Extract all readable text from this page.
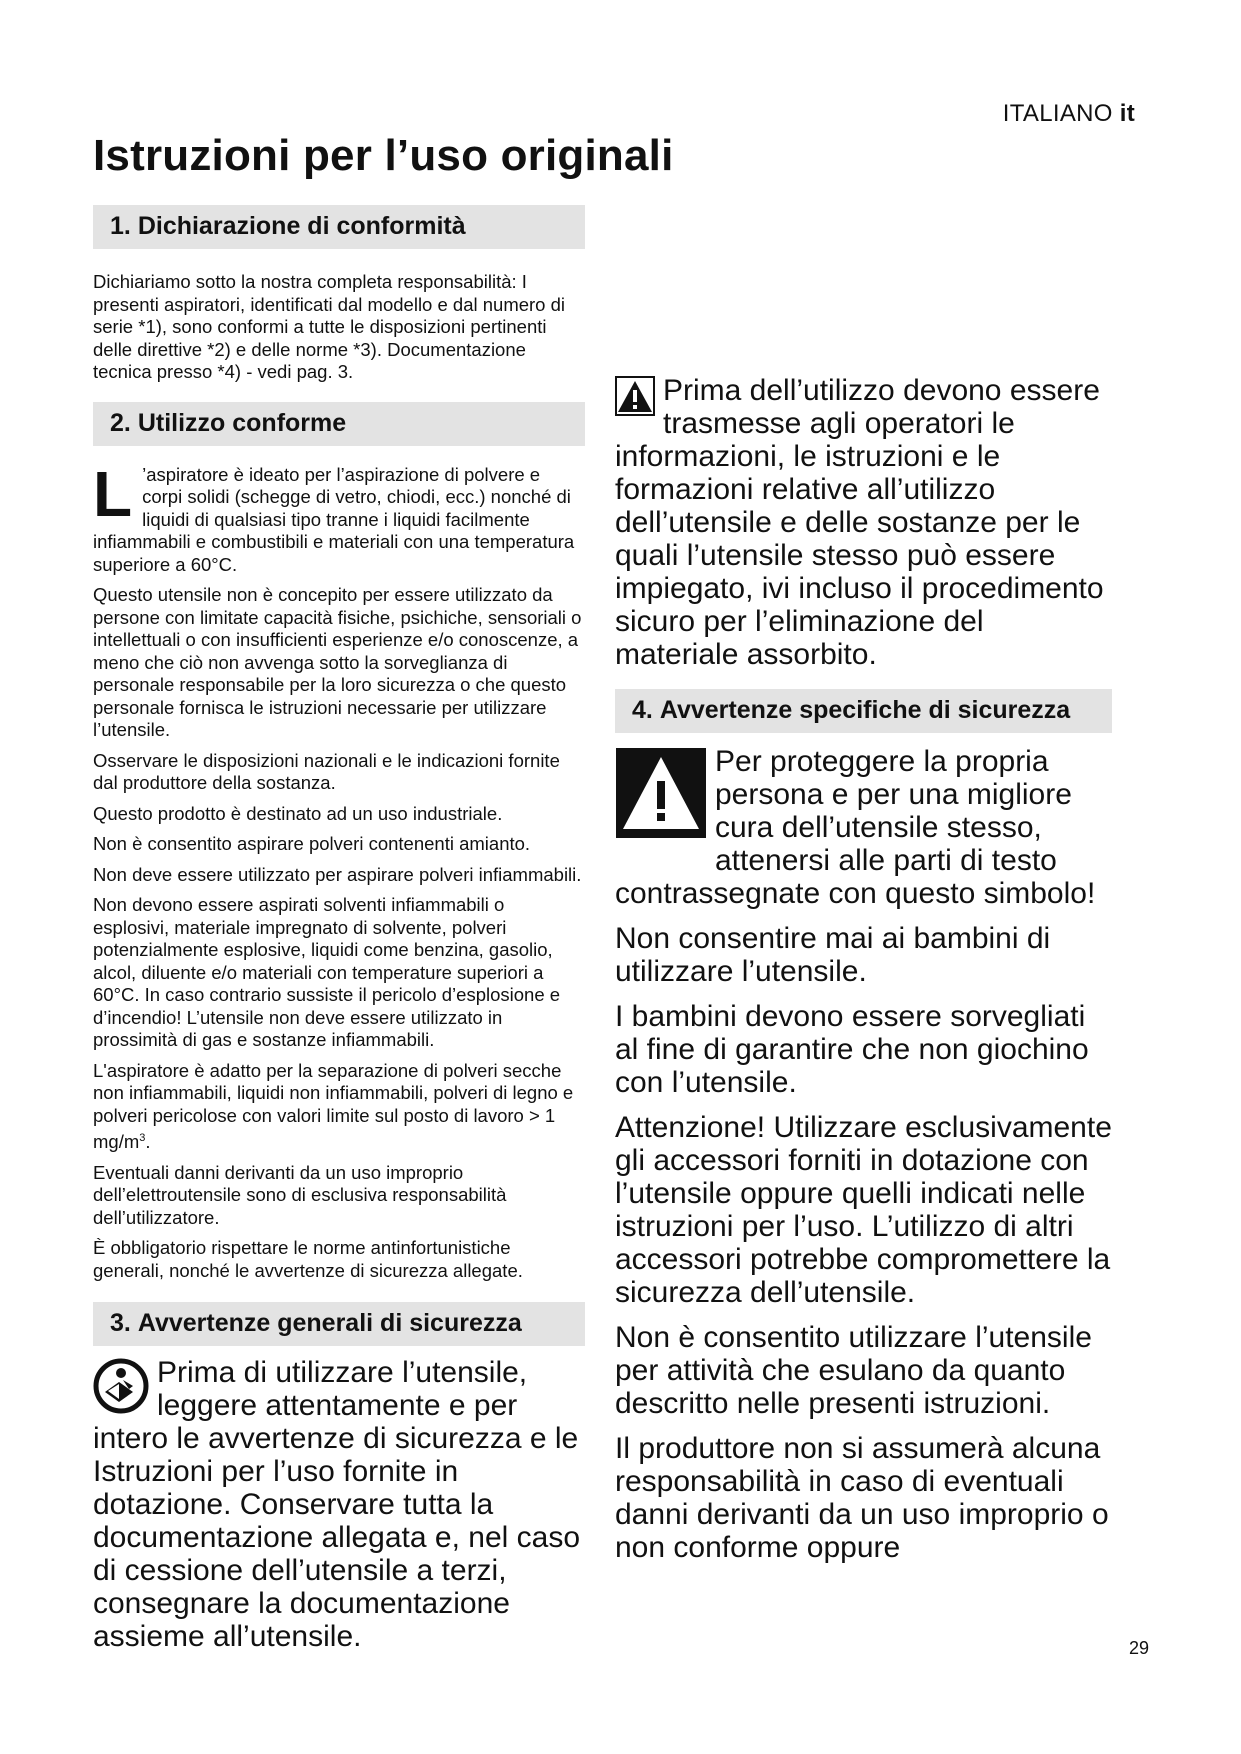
ITALIANO it
Istruzioni per l’uso originali
1.
Dichiarazione di conformità

Dichiariamo sotto la nostra completa responsabilità: I presenti aspiratori, identificati dal modello e dal numero di serie *1), sono conformi a tutte le disposizioni pertinenti delle direttive *2) e delle norme *3). Documentazione tecnica presso *4) - vedi pag. 3.

2.
Utilizzo conforme

L ’aspiratore è ideato per l’aspirazione di polvere e corpi solidi (schegge di vetro, chiodi, ecc.) nonché di liquidi di qualsiasi tipo tranne i liquidi facilmente infiammabili e combustibili e materiali con una temperatura superiore a 60°C.

Questo utensile non è concepito per essere utilizzato da persone con limitate capacità fisiche, psichiche, sensoriali o intellettuali o con insufficienti esperienze e/o conoscenze, a meno che ciò non avvenga sotto la sorveglianza di personale responsabile per la loro sicurezza o che questo personale fornisca le istruzioni necessarie per utilizzare l’utensile.

Osservare le disposizioni nazionali e le indicazioni fornite dal produttore della sostanza.

Questo prodotto è destinato ad un uso industriale.

Non è consentito aspirare polveri contenenti amianto.

Non deve essere utilizzato per aspirare polveri infiammabili.

Non devono essere aspirati solventi infiammabili o esplosivi, materiale impregnato di solvente, polveri potenzialmente esplosive, liquidi come benzina, gasolio, alcol, diluente e/o materiali con temperature superiori a 60°C. In caso contrario sussiste il pericolo d’esplosione e d’incendio! L’utensile non deve essere utilizzato in prossimità di gas e sostanze infiammabili.

L'aspiratore è adatto per la separazione di polveri secche non infiammabili, liquidi non infiammabili, polveri di legno e polveri pericolose con valori limite sul posto di lavoro > 1 $mg/m^3$.

Eventuali danni derivanti da un uso improprio dell’elettroutensile sono di esclusiva responsabilità dell’utilizzatore.

È obbligatorio rispettare le norme antinfortunistiche generali, nonché le avvertenze di sicurezza allegate.

3.
Avvertenze generali di sicurezza

Prima di utilizzare l’utensile, leggere attentamente e per intero le avvertenze di sicurezza e le Istruzioni per l’uso fornite in dotazione. Conservare tutta la documentazione allegata e, nel caso di cessione dell’utensile a terzi, consegnare la documentazione assieme all’utensile.

Prima dell’utilizzo devono essere trasmesse agli operatori le informazioni, le istruzioni e le formazioni relative all’utilizzo dell’utensile e delle sostanze per le quali l’utensile stesso può essere impiegato, ivi incluso il procedimento sicuro per l’eliminazione del materiale assorbito.

4.
Avvertenze specifiche di sicurezza

Per proteggere la propria persona e per una migliore cura dell’utensile stesso, attenersi alle parti di testo contrassegnate con questo simbolo!

Non consentire mai ai bambini di utilizzare l’utensile.

I bambini devono essere sorvegliati al fine di garantire che non giochino con l’utensile.

Attenzione! Utilizzare esclusivamente gli accessori forniti in dotazione con l’utensile oppure quelli indicati nelle istruzioni per l’uso. L’utilizzo di altri accessori potrebbe compromettere la sicurezza dell’utensile.

Non è consentito utilizzare l’utensile per attività che esulano da quanto descritto nelle presenti istruzioni.

Il produttore non si assumerà alcuna responsabilità in caso di eventuali danni derivanti da un uso improprio o non conforme oppure

29
